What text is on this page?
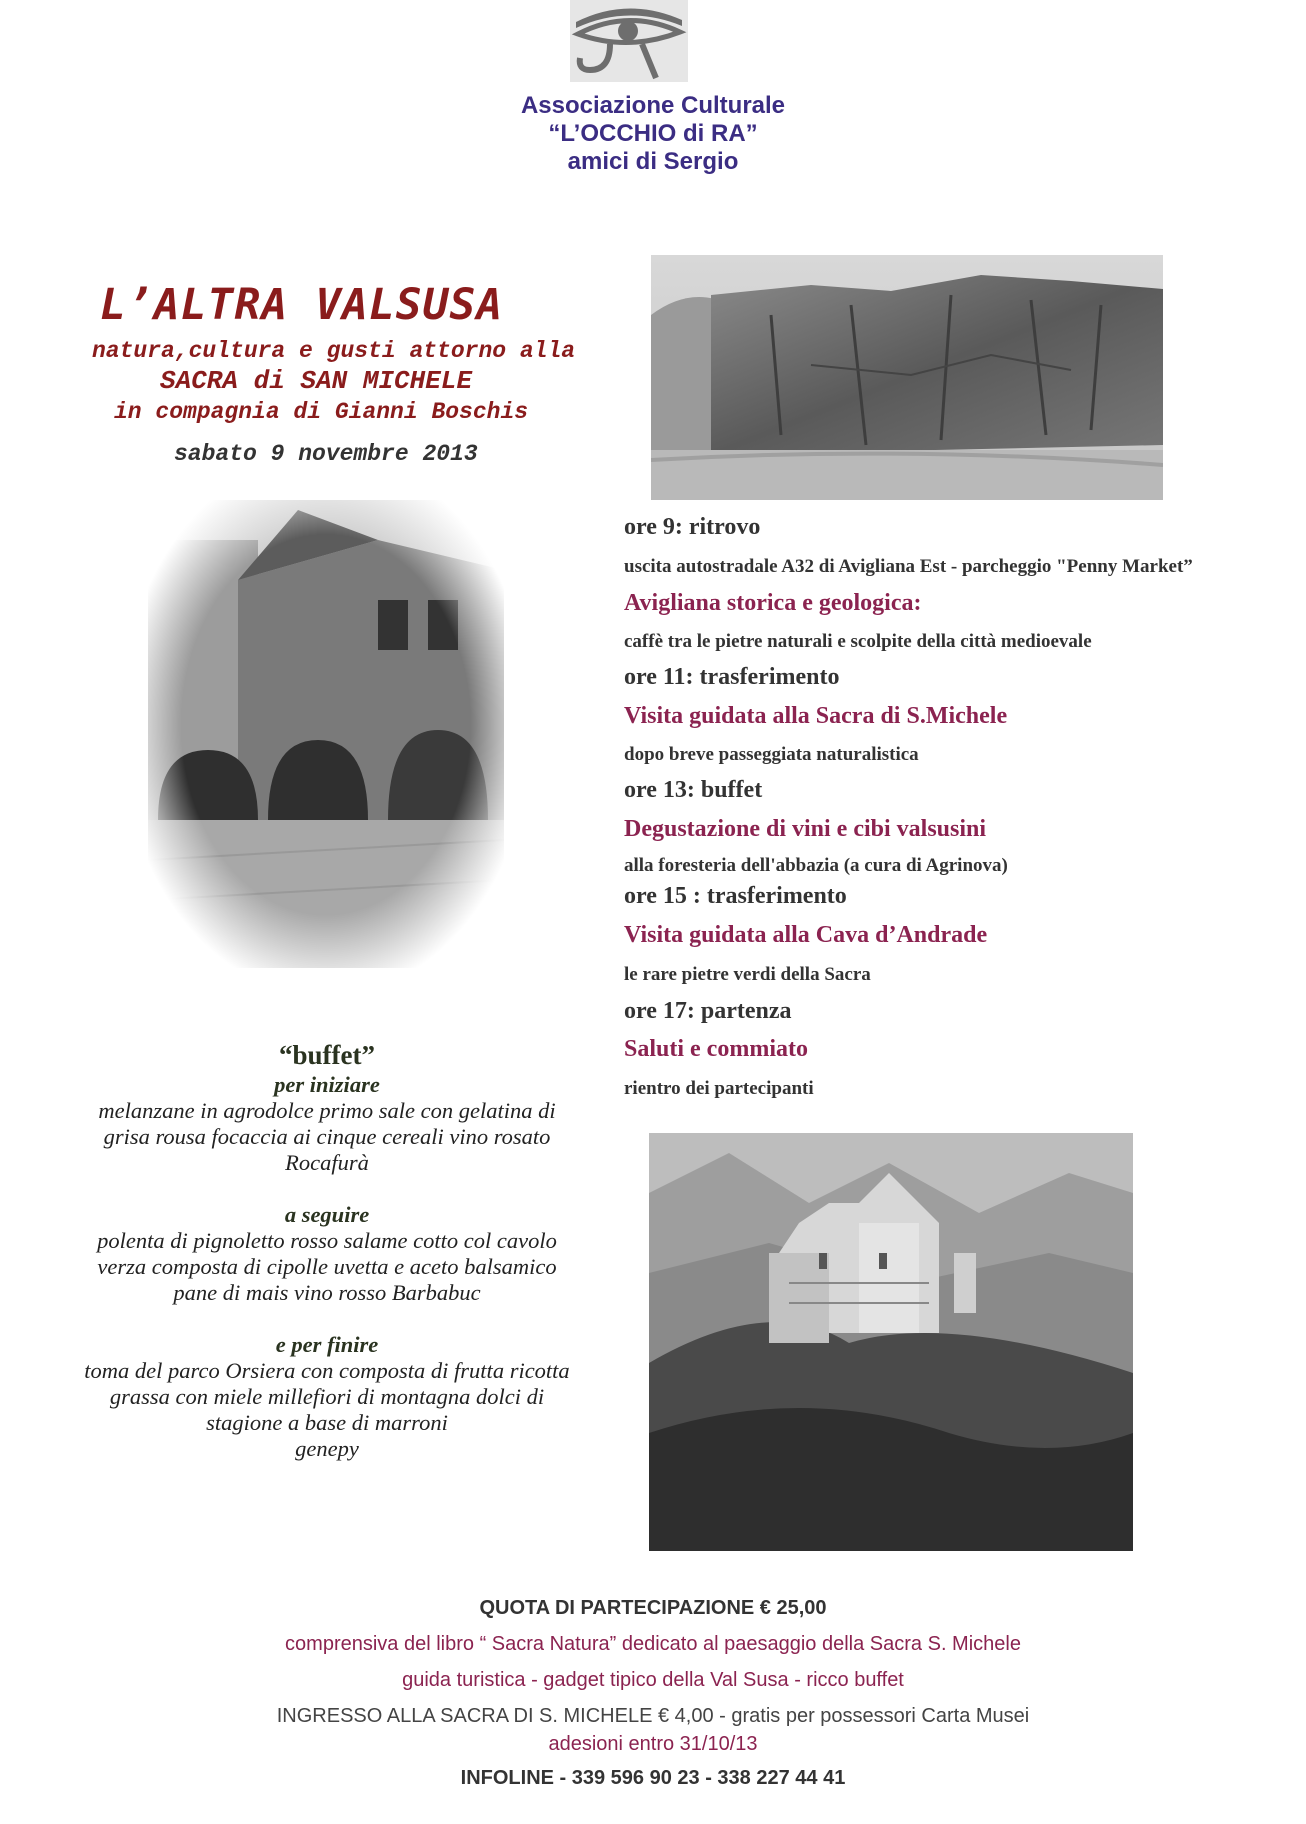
Associazione Culturale
“L’OCCHIO di RA”
amici di Sergio
L’ALTRA VALSUSA
natura,cultura e gusti attorno alla
SACRA di SAN MICHELE
in compagnia di Gianni Boschis
sabato 9 novembre 2013
ore 9: ritrovo
uscita autostradale A32 di Avigliana Est - parcheggio "Penny Market”
Avigliana storica e geologica:
caffè tra le pietre naturali e scolpite della città medioevale
ore 11: trasferimento
Visita guidata alla Sacra di S.Michele
dopo breve passeggiata naturalistica
ore 13: buffet
Degustazione di vini e cibi valsusini
alla foresteria dell'abbazia (a cura di Agrinova)
ore 15 : trasferimento
Visita guidata alla Cava d’Andrade
le rare pietre verdi della Sacra
ore 17: partenza
Saluti e commiato
rientro dei partecipanti
“buffet”
per iniziare
melanzane in agrodolce primo sale con gelatina di
grisa rousa focaccia ai cinque cereali vino rosato
Rocafurà
a seguire
polenta di pignoletto rosso salame cotto col cavolo
verza composta di cipolle uvetta e aceto balsamico
pane di mais vino rosso Barbabuc
e per finire
toma del parco Orsiera con composta di frutta ricotta
grassa con miele millefiori di montagna dolci di
stagione a base di marroni
genepy
QUOTA DI PARTECIPAZIONE € 25,00
comprensiva del libro “ Sacra Natura” dedicato al paesaggio della Sacra S. Michele
guida turistica - gadget tipico della Val Susa - ricco buffet
INGRESSO ALLA SACRA DI S. MICHELE € 4,00 - gratis per possessori Carta Musei
adesioni entro 31/10/13
INFOLINE - 339 596 90 23 - 338 227 44 41
